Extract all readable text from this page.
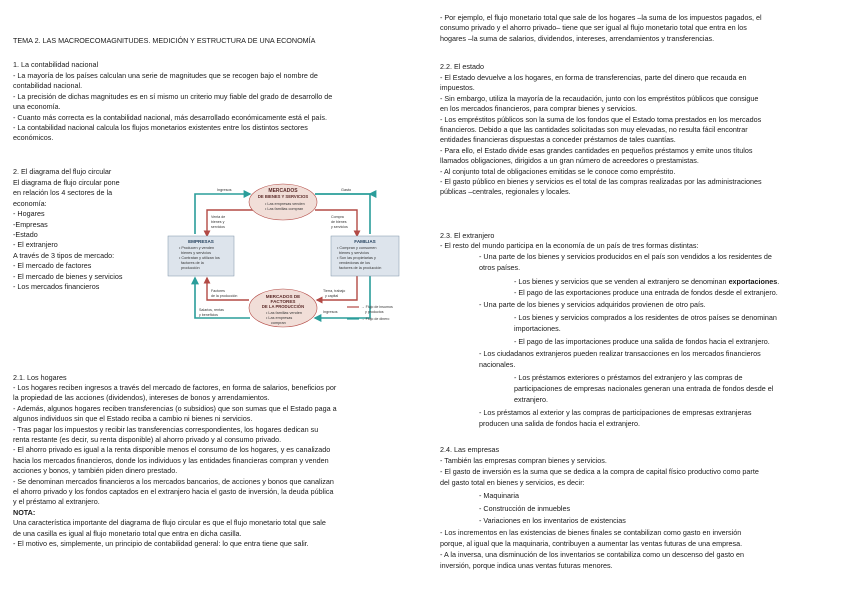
TEMA 2. LAS MACROECOMAGNITUDES. MEDICIÓN Y ESTRUCTURA DE UNA ECONOMÍA
1. La contabilidad nacional
- La mayoría de los países calculan una serie de magnitudes que se recogen bajo el nombre de
contabilidad nacional.
- La precisión de dichas magnitudes es en sí mismo un criterio muy fiable del grado de desarrollo de
una economía.
- Cuanto más correcta es la contabilidad nacional, más desarrollado económicamente está el país.
- La contabilidad nacional calcula los flujos monetarios existentes entre los distintos sectores
económicos.
2. El diagrama del flujo circular
El diagrama de flujo circular pone
en relación los 4 sectores de la
economía:
- Hogares
-Empresas
-Estado
- El extranjero
A través de 3 tipos de mercado:
- El mercado de factores
- El mercado de bienes y servicios
- Los mercados financieros
MERCADOS
DE BIENES Y SERVICIOS
• Las empresas venden
• Las familias compran
MERCADOS DE
FACTORES
DE LA PRODUCCIÓN
• Las familias venden
• Las empresas
compran
EMPRESAS
• Producen y venden
bienes y servicios
• Contratan y utilizan los
factores de la
producción
FAMILIAS
• Compran y consumen
bienes y servicios
• Son las propietarias y
vendedoras de los
factores de la producción
Ingresos	Gasto
Venta de
bienes y
servicios
Compra
de bienes
y servicios
Factores
de la producción
Tierra, trabajo
y capital
Salarios, rentas
y beneficios
Ingresos
→ Flujo de insumos
y productos
→ Flujo de dinero
2.1. Los hogares
- Los hogares reciben ingresos a través del mercado de factores, en forma de salarios, beneficios por
la propiedad de las acciones (dividendos), intereses de bonos y arrendamientos.
- Además, algunos hogares reciben transferencias (o subsidios) que son sumas que el Estado paga a
algunos individuos sin que el Estado reciba a cambio ni bienes ni servicios.
- Tras pagar los impuestos y recibir las transferencias correspondientes, los hogares dedican su
renta restante (es decir, su renta disponible) al ahorro privado y al consumo privado.
- El ahorro privado es igual a la renta disponible menos el consumo de los hogares, y es canalizado
hacia los mercados financieros, donde los individuos y las entidades financieras compran y venden
acciones y bonos, y también piden dinero prestado.
- Se denominan mercados financieros a los mercados bancarios, de acciones y bonos que canalizan
el ahorro privado y los fondos captados en el extranjero hacia el gasto de inversión, la deuda pública
y el préstamo al extranjero.
NOTA:
Una característica importante del diagrama de flujo circular es que el flujo monetario total que sale
de una casilla es igual al flujo monetario total que entra en dicha casilla.
- El motivo es, simplemente, un principio de contabilidad general: lo que entra tiene que salir.
- Por ejemplo, el flujo monetario total que sale de los hogares –la suma de los impuestos pagados, el
consumo privado y el ahorro privado– tiene que ser igual al flujo monetario total que entra en los
hogares –la suma de salarios, dividendos, intereses, arrendamientos y transferencias.
2.2. El estado
- El Estado devuelve a los hogares, en forma de transferencias, parte del dinero que recauda en
impuestos.
- Sin embargo, utiliza la mayoría de la recaudación, junto con los empréstitos públicos que consigue
en los mercados financieros, para comprar bienes y servicios.
- Los empréstitos públicos son la suma de los fondos que el Estado toma prestados en los mercados
financieros. Debido a que las cantidades solicitadas son muy elevadas, no resulta fácil encontrar
entidades financieras dispuestas a conceder préstamos de tales cuantías.
- Para ello, el Estado divide esas grandes cantidades en pequeños préstamos y emite unos títulos
llamados obligaciones, dirigidos a un gran número de acreedores o prestamistas.
- Al conjunto total de obligaciones emitidas se le conoce como empréstito.
- El gasto público en bienes y servicios es el total de las compras realizadas por las administraciones
públicas –centrales, regionales y locales.
2.3. El extranjero
- El resto del mundo participa en la economía de un país de tres formas distintas:
- Una parte de los bienes y servicios producidos en el país son vendidos a los residentes de
otros países.
- Los bienes y servicios que se venden al extranjero se denominan exportaciones.
- El pago de las exportaciones produce una entrada de fondos desde el extranjero.
- Una parte de los bienes y servicios adquiridos provienen de otro país.
- Los bienes y servicios comprados a los residentes de otros países se denominan
importaciones.
- El pago de las importaciones produce una salida de fondos hacia el extranjero.
- Los ciudadanos extranjeros pueden realizar transacciones en los mercados financieros
nacionales.
- Los préstamos exteriores o préstamos del extranjero y las compras de
participaciones de empresas nacionales generan una entrada de fondos desde el
extranjero.
- Los préstamos al exterior y las compras de participaciones de empresas extranjeras
producen una salida de fondos hacia el extranjero.
2.4. Las empresas
- También las empresas compran bienes y servicios.
- El gasto de inversión es la suma que se dedica a la compra de capital físico productivo como parte
del gasto total en bienes y servicios, es decir:
- Maquinaria
- Construcción de inmuebles
- Variaciones en los inventarios de existencias
- Los incrementos en las existencias de bienes finales se contabilizan como gasto en inversión
porque, al igual que la maquinaria, contribuyen a aumentar las ventas futuras de una empresa.
- A la inversa, una disminución de los inventarios se contabiliza como un descenso del gasto en
inversión, porque indica unas ventas futuras menores.
